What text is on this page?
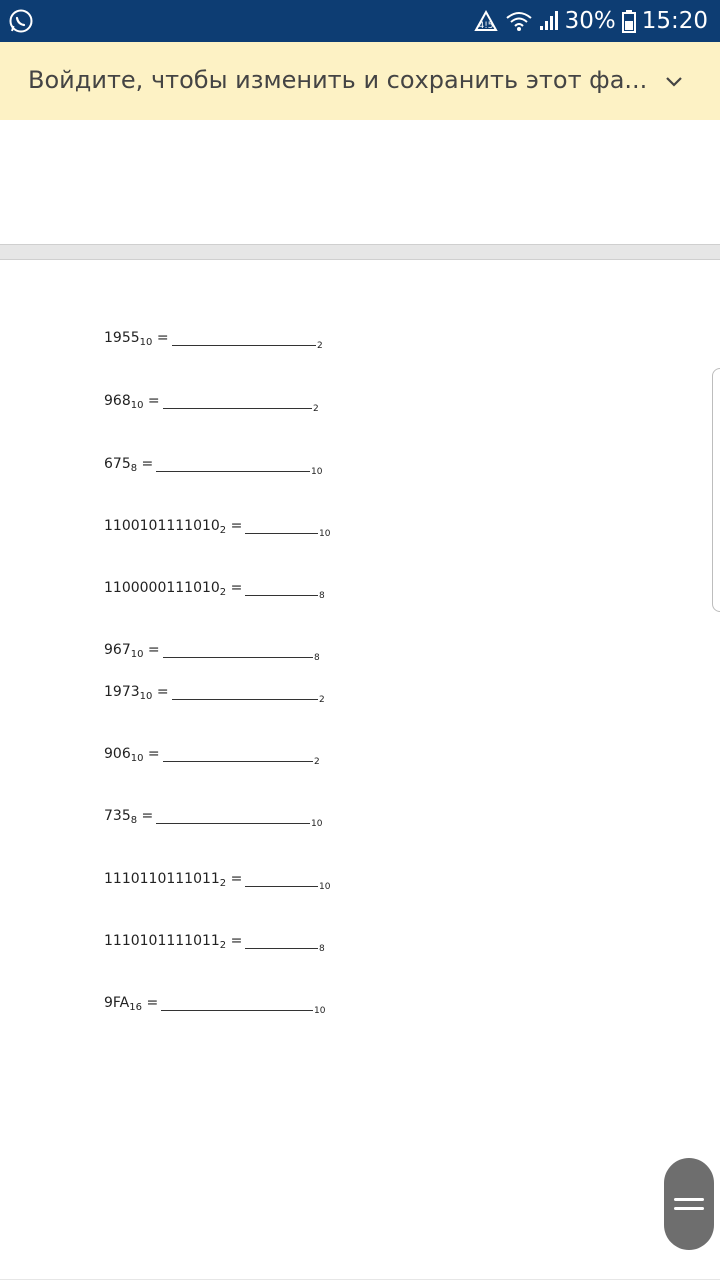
4!5	30% 15:20
Войдите, чтобы изменить и сохранить этот фа...
$1955_{10}$ =	2
$968_{10}$ =	2
$675_8$ =	10
$1100101111010_2$ =	10
$1100000111010_2$ =	8
$967_{10}$ =	8
$1973_{10}$ =	2
$906_{10}$ =	2
$735_8$ =	10
$1110110111011_2$ =	10
$1110101111011_2$ =	8
$9FA_{16}$ =	10
